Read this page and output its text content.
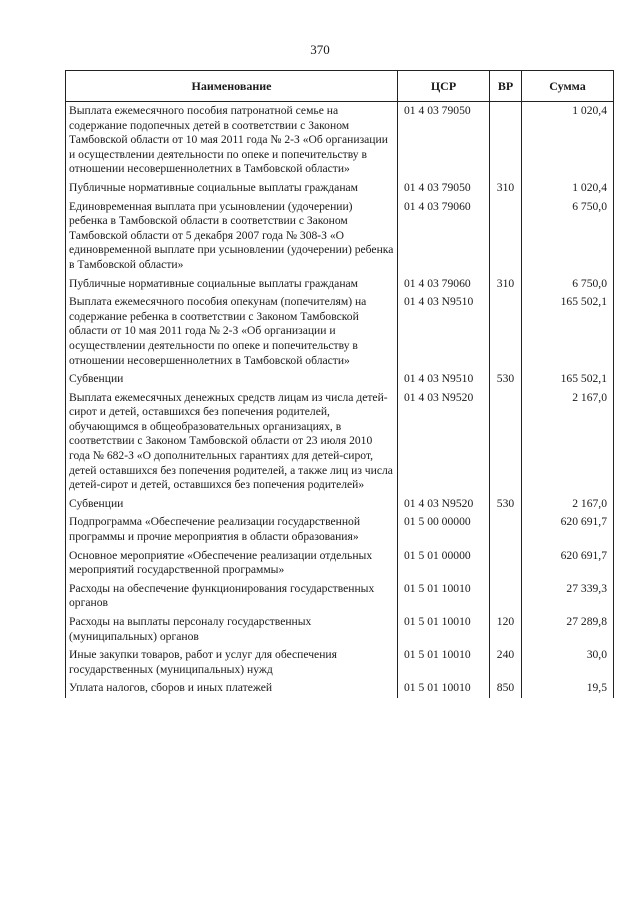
370
Наименование	ЦСР	ВР	Сумма
Выплата ежемесячного пособия патронатной семье на содержание подопечных детей в соответствии с Законом Тамбовской области от 10 мая 2011 года № 2-З «Об организации и осуществлении деятельности по опеке и попечительству в отношении несовершеннолетних в Тамбовской области»	01 4 03 79050		1 020,4
Публичные нормативные социальные выплаты гражданам	01 4 03 79050	310	1 020,4
Единовременная выплата при усыновлении (удочерении) ребенка в Тамбовской области в соответствии с Законом Тамбовской области от 5 декабря 2007 года № 308-З «О единовременной выплате при усыновлении (удочерении) ребенка в Тамбовской области»	01 4 03 79060		6 750,0
Публичные нормативные социальные выплаты гражданам	01 4 03 79060	310	6 750,0
Выплата ежемесячного пособия опекунам (попечителям) на содержание ребенка в соответствии с Законом Тамбовской области от 10 мая 2011 года № 2-З «Об организации и осуществлении деятельности по опеке и попечительству в отношении несовершеннолетних в Тамбовской области»	01 4 03 N9510		165 502,1
Субвенции	01 4 03 N9510	530	165 502,1
Выплата ежемесячных денежных средств лицам из числа детей-сирот и детей, оставшихся без попечения родителей, обучающимся в общеобразовательных организациях, в соответствии с Законом Тамбовской области от 23 июля 2010 года № 682-З «О дополнительных гарантиях для детей-сирот, детей оставшихся без попечения родителей, а также лиц из числа детей-сирот и детей, оставшихся без попечения родителей»	01 4 03 N9520		2 167,0
Субвенции	01 4 03 N9520	530	2 167,0
Подпрограмма «Обеспечение реализации государственной программы и прочие мероприятия в области образования»	01 5 00 00000		620 691,7
Основное мероприятие «Обеспечение реализации отдельных мероприятий государственной программы»	01 5 01 00000		620 691,7
Расходы на обеспечение функционирования государственных органов	01 5 01 10010		27 339,3
Расходы на выплаты персоналу государственных (муниципальных) органов	01 5 01 10010	120	27 289,8
Иные закупки товаров, работ и услуг для обеспечения государственных (муниципальных) нужд	01 5 01 10010	240	30,0
Уплата налогов, сборов и иных платежей	01 5 01 10010	850	19,5
